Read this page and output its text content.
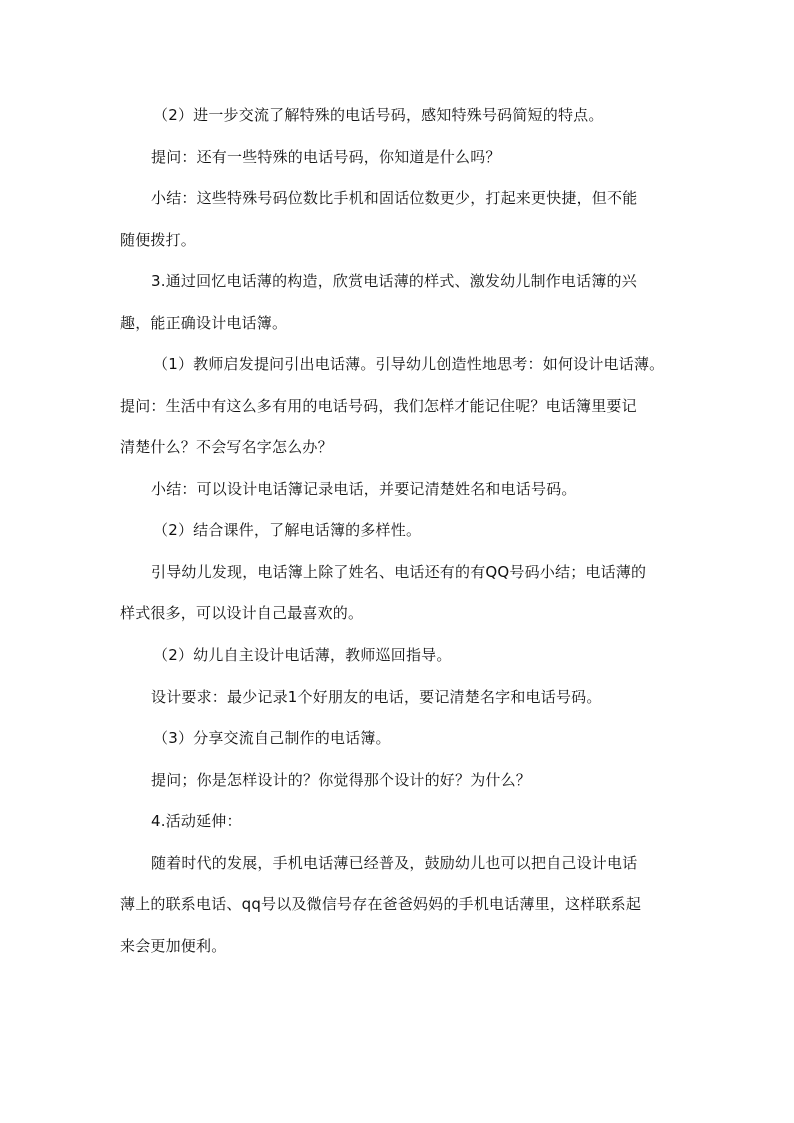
（2）进一步交流了解特殊的电话号码，感知特殊号码简短的特点。
提问：还有一些特殊的电话号码，你知道是什么吗？
小结：这些特殊号码位数比手机和固话位数更少，打起来更快捷，但不能
随便拨打。
3.通过回忆电话薄的构造，欣赏电话薄的样式、激发幼儿制作电话簿的兴
趣，能正确设计电话簿。
（1）教师启发提问引出电话薄。引导幼儿创造性地思考：如何设计电话薄。
提问：生活中有这么多有用的电话号码，我们怎样才能记住呢？电话簿里要记
清楚什么？不会写名字怎么办？
小结：可以设计电话簿记录电话，并要记清楚姓名和电话号码。
（2）结合课件，了解电话簿的多样性。
引导幼儿发现，电话簿上除了姓名、电话还有的有QQ号码小结；电话薄的
样式很多，可以设计自己最喜欢的。
（2）幼儿自主设计电话薄，教师巡回指导。
设计要求：最少记录1个好朋友的电话，要记清楚名字和电话号码。
（3）分享交流自己制作的电话簿。
提问；你是怎样设计的？你觉得那个设计的好？为什么？
4.活动延伸：
随着时代的发展，手机电话薄已经普及，鼓励幼儿也可以把自己设计电话
薄上的联系电话、qq号以及微信号存在爸爸妈妈的手机电话薄里，这样联系起
来会更加便利。
